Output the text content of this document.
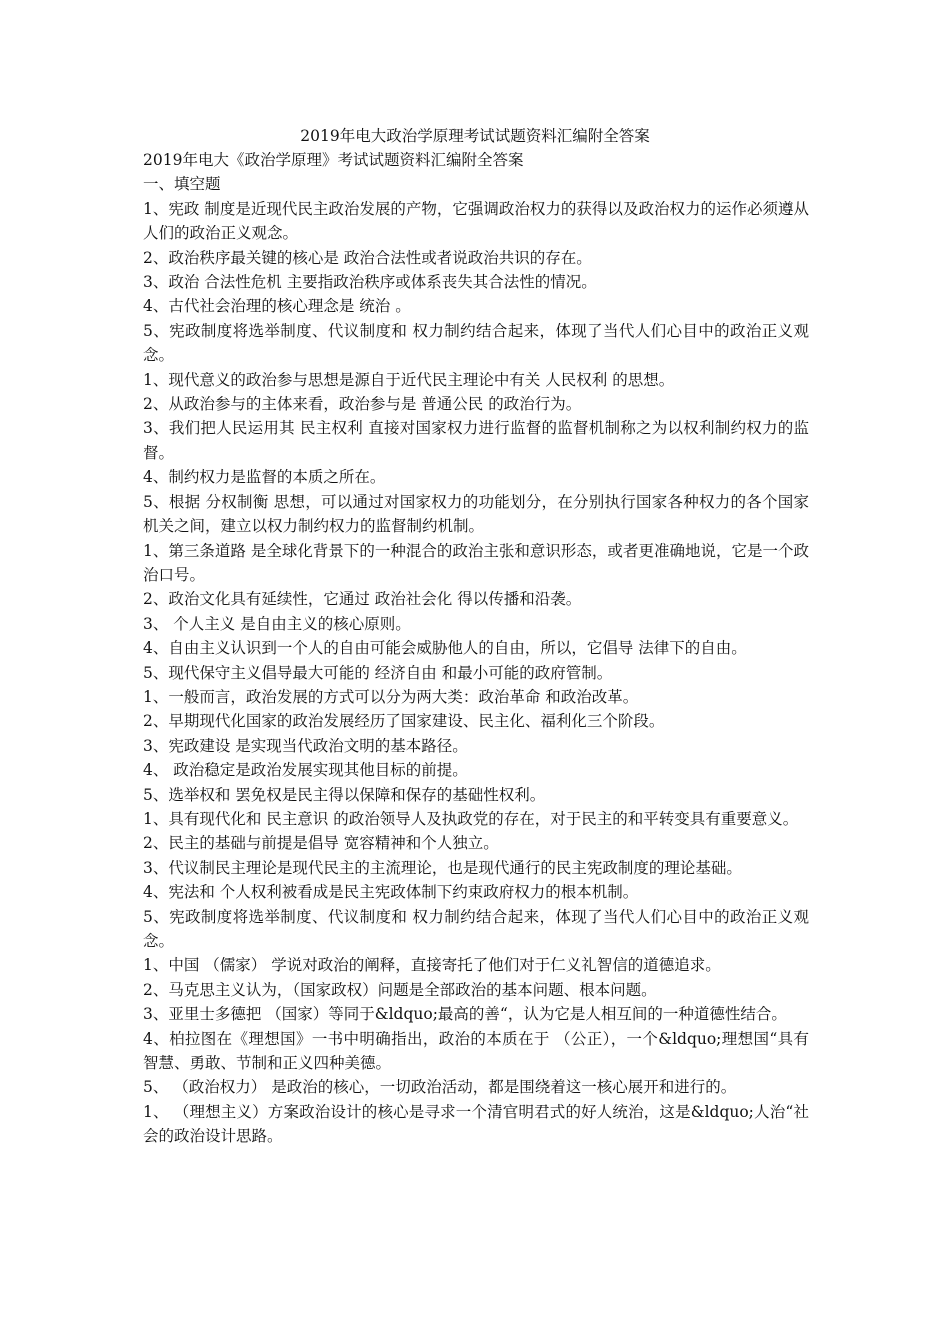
2019年电大政治学原理考试试题资料汇编附全答案

2019年电大《政治学原理》考试试题资料汇编附全答案

一、填空题

1、宪政 制度是近现代民主政治发展的产物，它强调政治权力的获得以及政治权力的运作必须遵从人们的政治正义观念。

2、政治秩序最关键的核心是 政治合法性或者说政治共识的存在。

3、政治 合法性危机 主要指政治秩序或体系丧失其合法性的情况。

4、古代社会治理的核心理念是 统治 。

5、宪政制度将选举制度、代议制度和 权力制约结合起来，体现了当代人们心目中的政治正义观念。

1、现代意义的政治参与思想是源自于近代民主理论中有关 人民权利 的思想。

2、从政治参与的主体来看，政治参与是 普通公民 的政治行为。

3、我们把人民运用其 民主权利 直接对国家权力进行监督的监督机制称之为以权利制约权力的监督。

4、制约权力是监督的本质之所在。

5、根据 分权制衡 思想，可以通过对国家权力的功能划分，在分别执行国家各种权力的各个国家机关之间，建立以权力制约权力的监督制约机制。

1、第三条道路 是全球化背景下的一种混合的政治主张和意识形态，或者更准确地说，它是一个政治口号。

2、政治文化具有延续性，它通过 政治社会化 得以传播和沿袭。

3、 个人主义 是自由主义的核心原则。

4、自由主义认识到一个人的自由可能会威胁他人的自由，所以，它倡导 法律下的自由。

5、现代保守主义倡导最大可能的 经济自由 和最小可能的政府管制。

1、一般而言，政治发展的方式可以分为两大类：政治革命 和政治改革。

2、早期现代化国家的政治发展经历了国家建设、民主化、福利化三个阶段。

3、宪政建设 是实现当代政治文明的基本路径。

4、 政治稳定是政治发展实现其他目标的前提。

5、选举权和 罢免权是民主得以保障和保存的基础性权利。

1、具有现代化和 民主意识 的政治领导人及执政党的存在，对于民主的和平转变具有重要意义。

2、民主的基础与前提是倡导 宽容精神和个人独立。

3、代议制民主理论是现代民主的主流理论，也是现代通行的民主宪政制度的理论基础。

4、宪法和 个人权利被看成是民主宪政体制下约束政府权力的根本机制。

5、宪政制度将选举制度、代议制度和 权力制约结合起来，体现了当代人们心目中的政治正义观念。

1、中国 （儒家） 学说对政治的阐释，直接寄托了他们对于仁义礼智信的道德追求。

2、马克思主义认为，（国家政权）问题是全部政治的基本问题、根本问题。

3、亚里士多德把 （国家）等同于&ldquo;最高的善“，认为它是人相互间的一种道德性结合。

4、柏拉图在《理想国》一书中明确指出，政治的本质在于 （公正），一个&ldquo;理想国“具有智慧、勇敢、节制和正义四种美德。

5、 （政治权力） 是政治的核心，一切政治活动，都是围绕着这一核心展开和进行的。

1、 （理想主义）方案政治设计的核心是寻求一个清官明君式的好人统治，这是&ldquo;人治“社会的政治设计思路。
